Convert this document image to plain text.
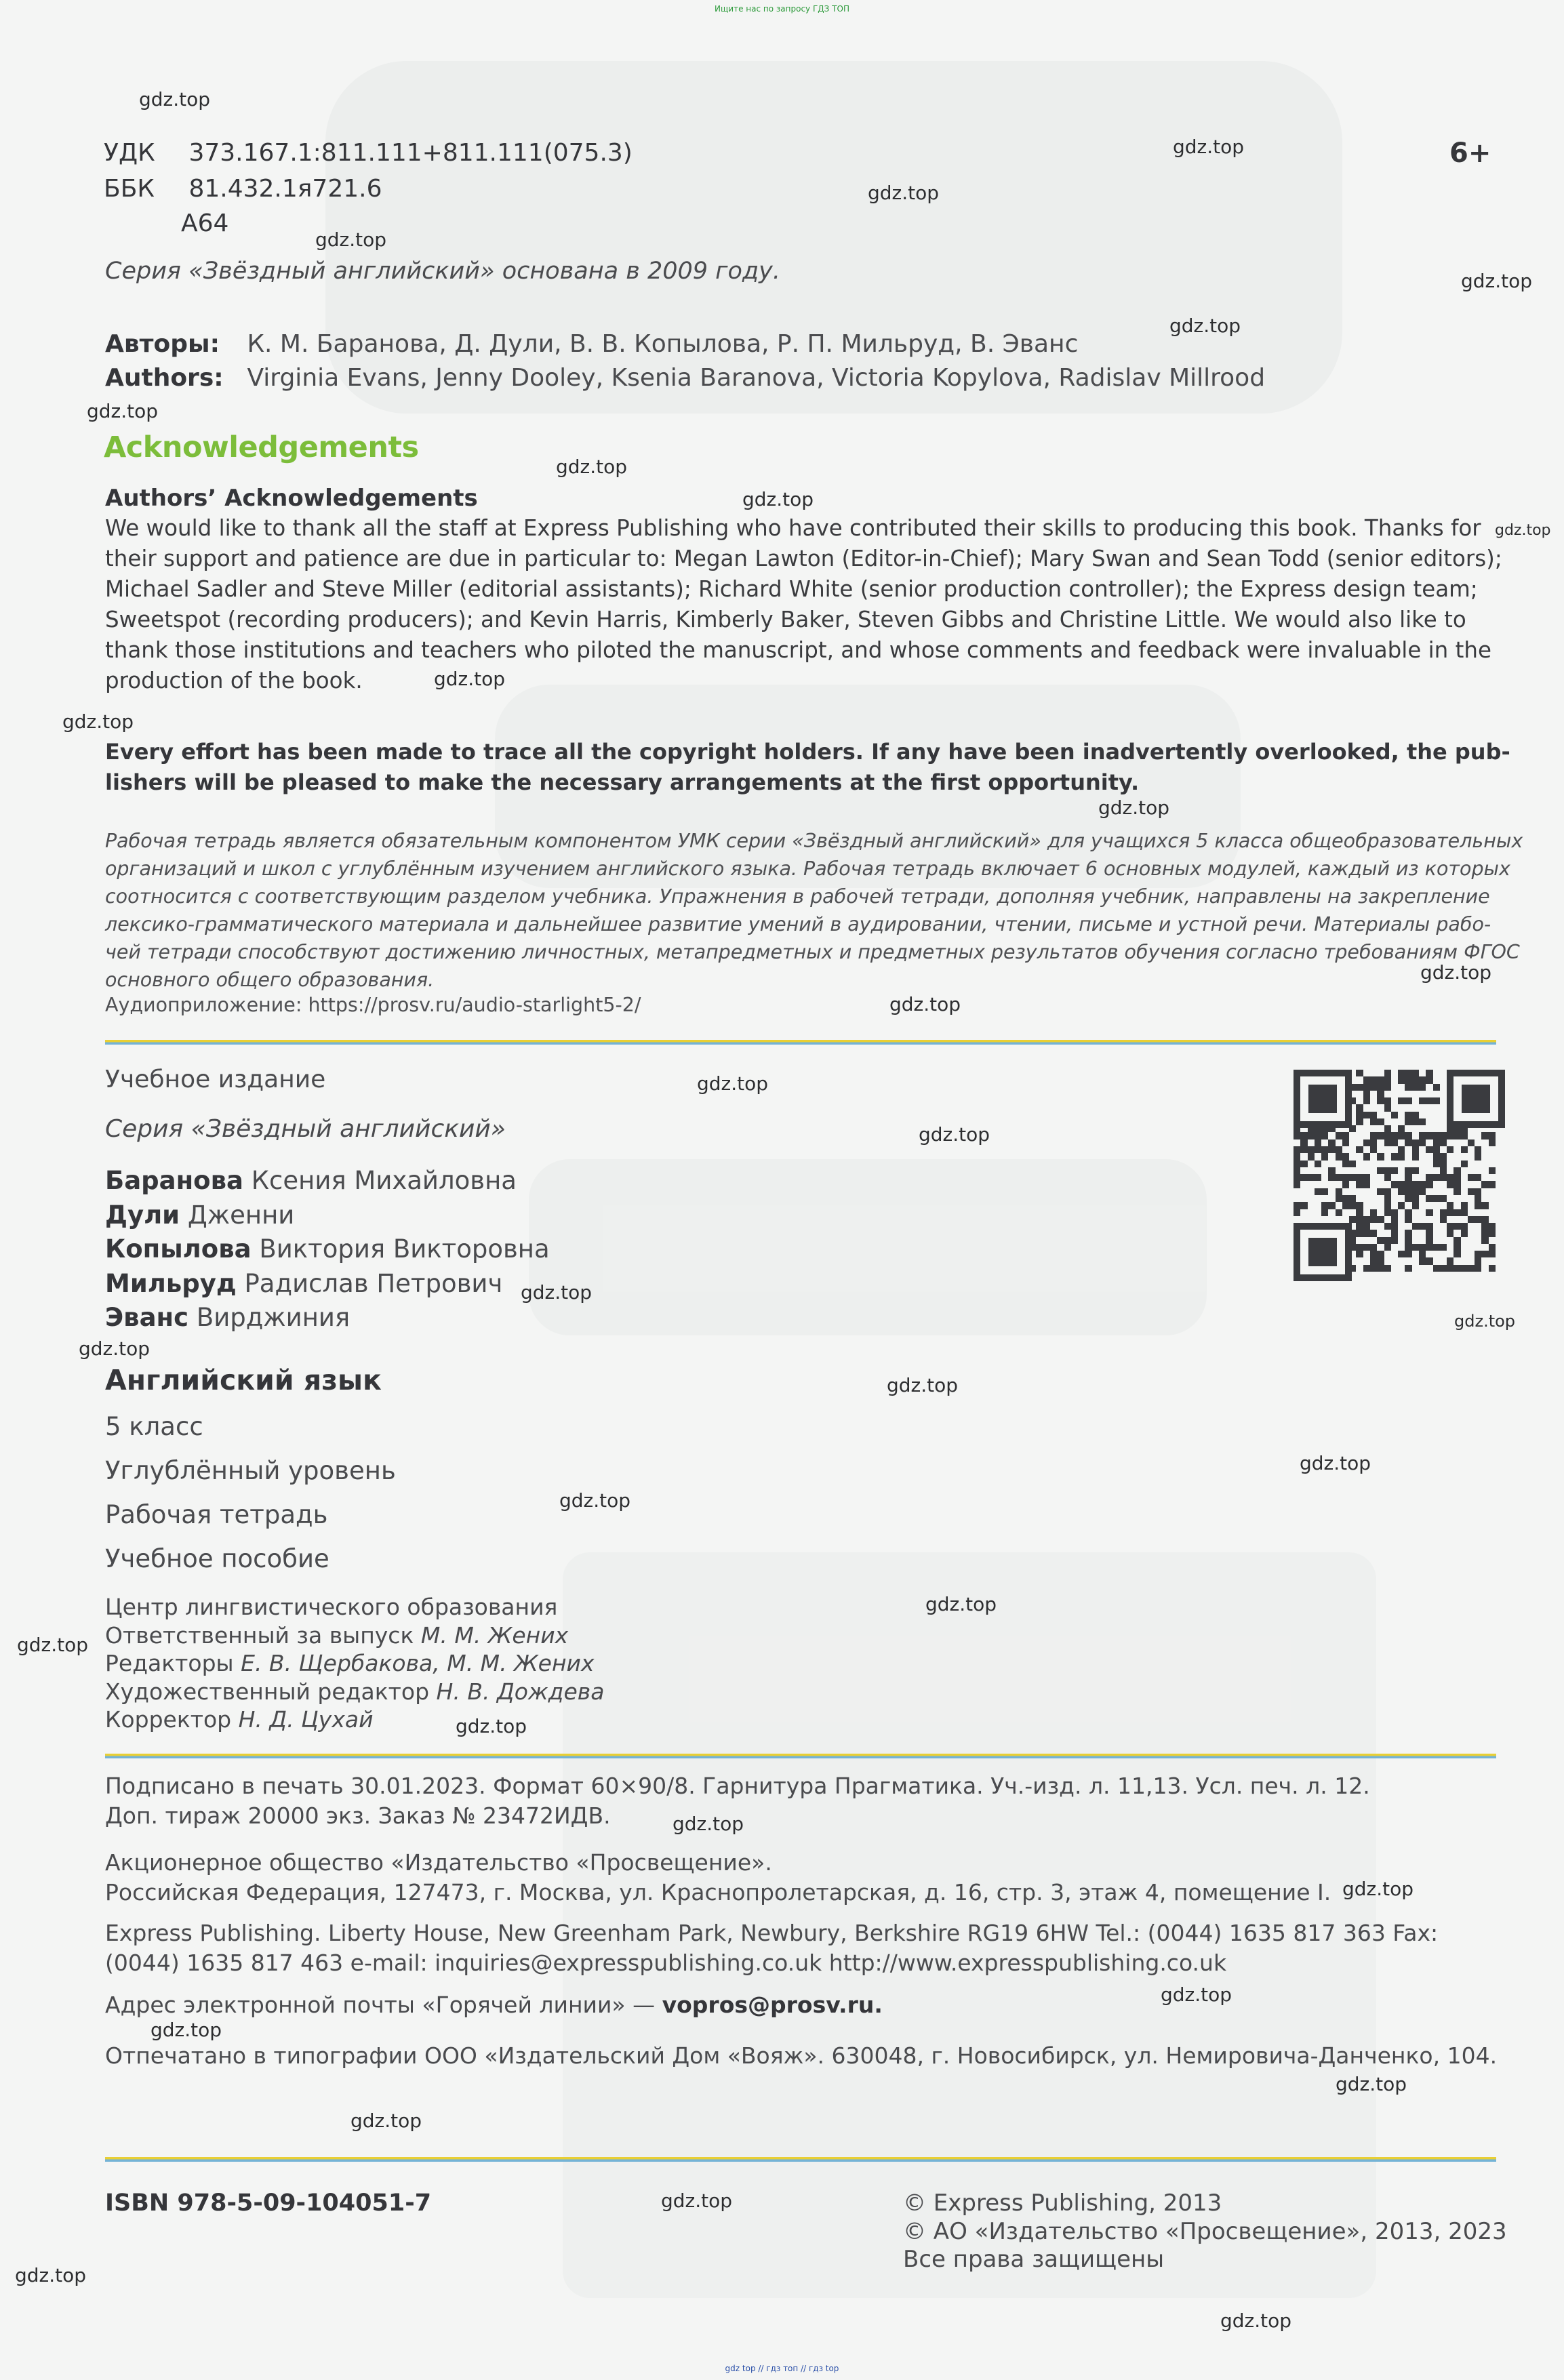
Ищите нас по запросу ГДЗ ТОП
gdz.top
gdz.top
gdz.top
gdz.top
gdz.top
gdz.top
gdz.top
gdz.top
gdz.top
gdz.top
gdz.top
gdz.top
gdz.top
gdz.top
gdz.top
gdz.top
gdz.top
gdz.top
gdz.top
gdz.top
gdz.top
gdz.top
gdz.top
gdz.top
gdz.top
gdz.top
gdz.top
gdz.top
gdz.top
gdz.top
gdz.top
gdz.top
gdz.top
gdz.top
gdz.top
УДК 373.167.1:811.111+811.111(075.3)
ББК 81.432.1я721.6
А64
6+
Серия «Звёздный английский» основана в 2009 году.
Авторы: К. М. Баранова, Д. Дули, В. В. Копылова, Р. П. Мильруд, В. Эванс
Authors: Virginia Evans, Jenny Dooley, Ksenia Baranova, Victoria Kopylova, Radislav Millrood
Acknowledgements
Authors’ Acknowledgements
We would like to thank all the staff at Express Publishing who have contributed their skills to producing this book. Thanks for
their support and patience are due in particular to: Megan Lawton (Editor-in-Chief); Mary Swan and Sean Todd (senior editors);
Michael Sadler and Steve Miller (editorial assistants); Richard White (senior production controller); the Express design team;
Sweetspot (recording producers); and Kevin Harris, Kimberly Baker, Steven Gibbs and Christine Little. We would also like to
thank those institutions and teachers who piloted the manuscript, and whose comments and feedback were invaluable in the
production of the book.
Every effort has been made to trace all the copyright holders. If any have been inadvertently overlooked, the pub-
lishers will be pleased to make the necessary arrangements at the first opportunity.
Рабочая тетрадь является обязательным компонентом УМК серии «Звёздный английский» для учащихся 5 класса общеобразовательных
организаций и школ с углублённым изучением английского языка. Рабочая тетрадь включает 6 основных модулей, каждый из которых
соотносится с соответствующим разделом учебника. Упражнения в рабочей тетради, дополняя учебник, направлены на закрепление
лексико-грамматического материала и дальнейшее развитие умений в аудировании, чтении, письме и устной речи. Материалы рабо-
чей тетради способствуют достижению личностных, метапредметных и предметных результатов обучения согласно требованиям ФГОС
основного общего образования.
Аудиоприложение: https://prosv.ru/audio-starlight5-2/
Учебное издание
Серия «Звёздный английский»
Баранова Ксения Михайловна
Дули Дженни
Копылова Виктория Викторовна
Мильруд Радислав Петрович
Эванс Вирджиния
Английский язык
5 класс
Углублённый уровень
Рабочая тетрадь
Учебное пособие
Центр лингвистического образования
Ответственный за выпуск М. М. Жених
Редакторы Е. В. Щербакова, М. М. Жених
Художественный редактор Н. В. Дождева
Корректор Н. Д. Цухай
Подписано в печать 30.01.2023. Формат 60×90/8. Гарнитура Прагматика. Уч.-изд. л. 11,13. Усл. печ. л. 12.
Доп. тираж 20000 экз. Заказ № 23472ИДВ.
Акционерное общество «Издательство «Просвещение».
Российская Федерация, 127473, г. Москва, ул. Краснопролетарская, д. 16, стр. 3, этаж 4, помещение I.
Express Publishing. Liberty House, New Greenham Park, Newbury, Berkshire RG19 6HW Tel.: (0044) 1635 817 363 Fax:
(0044) 1635 817 463 e-mail: inquiries@expresspublishing.co.uk http://www.expresspublishing.co.uk
Адрес электронной почты «Горячей линии» — vopros@prosv.ru.
Отпечатано в типографии ООО «Издательский Дом «Вояж». 630048, г. Новосибирск, ул. Немировича-Данченко, 104.
ISBN 978-5-09-104051-7	© Express Publishing, 2013
© АО «Издательство «Просвещение», 2013, 2023
Все права защищены
gdz top // гдз топ // гдз top
